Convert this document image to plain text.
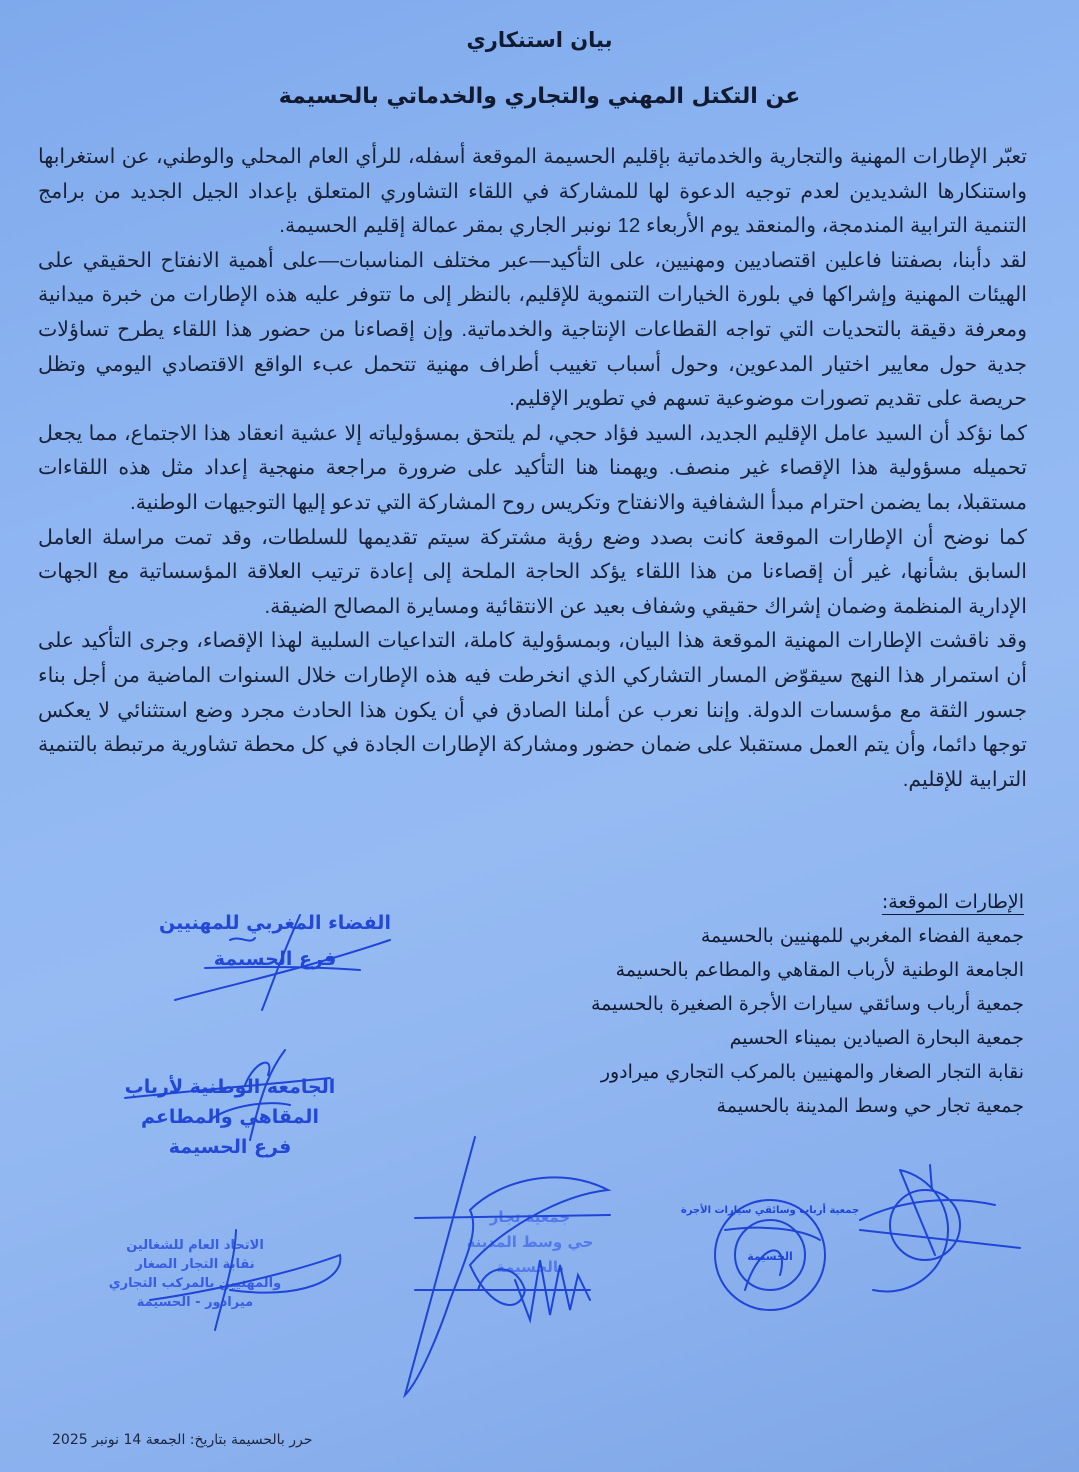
بيان استنكاري
عن التكتل المهني والتجاري والخدماتي بالحسيمة

تعبّر الإطارات المهنية والتجارية والخدماتية بإقليم الحسيمة الموقعة أسفله، للرأي العام المحلي والوطني، عن استغرابها واستنكارها الشديدين لعدم توجيه الدعوة لها للمشاركة في اللقاء التشاوري المتعلق بإعداد الجيل الجديد من برامج التنمية الترابية المندمجة، والمنعقد يوم الأربعاء 12 نونبر الجاري بمقر عمالة إقليم الحسيمة.

لقد دأبنا، بصفتنا فاعلين اقتصاديين ومهنيين، على التأكيد—عبر مختلف المناسبات—على أهمية الانفتاح الحقيقي على الهيئات المهنية وإشراكها في بلورة الخيارات التنموية للإقليم، بالنظر إلى ما تتوفر عليه هذه الإطارات من خبرة ميدانية ومعرفة دقيقة بالتحديات التي تواجه القطاعات الإنتاجية والخدماتية. وإن إقصاءنا من حضور هذا اللقاء يطرح تساؤلات جدية حول معايير اختيار المدعوين، وحول أسباب تغييب أطراف مهنية تتحمل عبء الواقع الاقتصادي اليومي وتظل حريصة على تقديم تصورات موضوعية تسهم في تطوير الإقليم.

كما نؤكد أن السيد عامل الإقليم الجديد، السيد فؤاد حجي، لم يلتحق بمسؤولياته إلا عشية انعقاد هذا الاجتماع، مما يجعل تحميله مسؤولية هذا الإقصاء غير منصف. ويهمنا هنا التأكيد على ضرورة مراجعة منهجية إعداد مثل هذه اللقاءات مستقبلا، بما يضمن احترام مبدأ الشفافية والانفتاح وتكريس روح المشاركة التي تدعو إليها التوجيهات الوطنية.

كما نوضح أن الإطارات الموقعة كانت بصدد وضع رؤية مشتركة سيتم تقديمها للسلطات، وقد تمت مراسلة العامل السابق بشأنها، غير أن إقصاءنا من هذا اللقاء يؤكد الحاجة الملحة إلى إعادة ترتيب العلاقة المؤسساتية مع الجهات الإدارية المنظمة وضمان إشراك حقيقي وشفاف بعيد عن الانتقائية ومسايرة المصالح الضيقة.

وقد ناقشت الإطارات المهنية الموقعة هذا البيان، وبمسؤولية كاملة، التداعيات السلبية لهذا الإقصاء، وجرى التأكيد على أن استمرار هذا النهج سيقوّض المسار التشاركي الذي انخرطت فيه هذه الإطارات خلال السنوات الماضية من أجل بناء جسور الثقة مع مؤسسات الدولة. وإننا نعرب عن أملنا الصادق في أن يكون هذا الحادث مجرد وضع استثنائي لا يعكس توجها دائما، وأن يتم العمل مستقبلا على ضمان حضور ومشاركة الإطارات الجادة في كل محطة تشاورية مرتبطة بالتنمية الترابية للإقليم.

الإطارات الموقعة:
جمعية الفضاء المغربي للمهنيين بالحسيمة
الجامعة الوطنية لأرباب المقاهي والمطاعم بالحسيمة
جمعية أرباب وسائقي سيارات الأجرة الصغيرة بالحسيمة
جمعية البحارة الصيادين بميناء الحسيم
نقابة التجار الصغار والمهنيين بالمركب التجاري ميرادور
جمعية تجار حي وسط المدينة بالحسيمة
الفضاء المغربي للمهنيين
فرع الحسيمة
الجامعة الوطنية لأرباب
المقاهي والمطاعم
فرع الحسيمة
الاتحاد العام للشغالين
نقابة التجار الصغار
والمهنيين بالمركب التجاري
ميرادور - الحسيمة
جمعية تجار
حي وسط المدينة
بالحسيمة
جمعية أرباب وسائقي سيارات الأجرة
الحسيمة
حرر بالحسيمة بتاريخ: الجمعة 14 نونبر 2025
